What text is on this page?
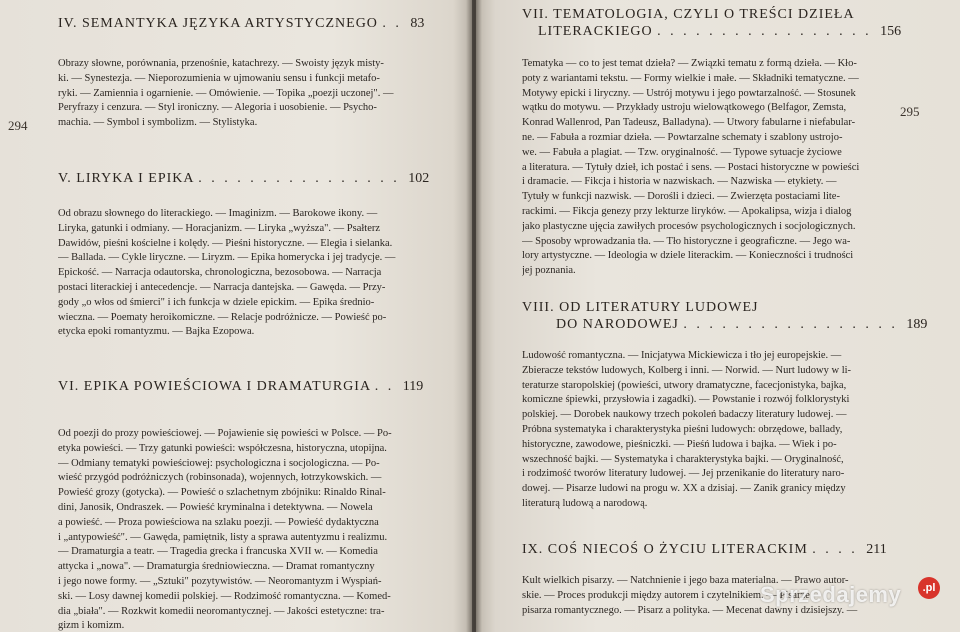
294
IV. SEMANTYKA JĘZYKA ARTYSTYCZNEGO . . 83
Obrazy słowne, porównania, przenośnie, katachrezy. — Swoisty język misty-
ki. — Synestezja. — Nieporozumienia w ujmowaniu sensu i funkcji metafo-
ryki. — Zamiennia i ogarnienie. — Omówienie. — Topika „poezji uczonej". —
Peryfrazy i cenzura. — Styl ironiczny. — Alegoria i uosobienie. — Psycho-
machia. — Symbol i symbolizm. — Stylistyka.
V. LIRYKA I EPIKA . . . . . . . . . . . . . . . . 102
Od obrazu słownego do literackiego. — Imaginizm. — Barokowe ikony. —
Liryka, gatunki i odmiany. — Horacjanizm. — Liryka „wyższa". — Psałterz
Dawidów, pieśni kościelne i kolędy. — Pieśni historyczne. — Elegia i sielanka.
— Ballada. — Cykle liryczne. — Liryzm. — Epika homerycka i jej tradycje. —
Epickość. — Narracja odautorska, chronologiczna, bezosobowa. — Narracja
postaci literackiej i antecedencje. — Narracja dantejska. — Gawęda. — Przy-
gody „o włos od śmierci" i ich funkcja w dziele epickim. — Epika średnio-
wieczna. — Poematy heroikomiczne. — Relacje podróżnicze. — Powieść po-
etycka epoki romantyzmu. — Bajka Ezopowa.
VI. EPIKA POWIEŚCIOWA I DRAMATURGIA . . 119
Od poezji do prozy powieściowej. — Pojawienie się powieści w Polsce. — Po-
etyka powieści. — Trzy gatunki powieści: współczesna, historyczna, utopijna.
— Odmiany tematyki powieściowej: psychologiczna i socjologiczna. — Po-
wieść przygód podróżniczych (robinsonada), wojennych, łotrzykowskich. —
Powieść grozy (gotycka). — Powieść o szlachetnym zbójniku: Rinaldo Rinal-
dini, Janosik, Ondraszek. — Powieść kryminalna i detektywna. — Nowela
a powieść. — Proza powieściowa na szlaku poezji. — Powieść dydaktyczna
i „antypowieść". — Gawęda, pamiętnik, listy a sprawa autentyzmu i realizmu.
— Dramaturgia a teatr. — Tragedia grecka i francuska XVII w. — Komedia
attycka i „nowa". — Dramaturgia średniowieczna. — Dramat romantyczny
i jego nowe formy. — „Sztuki" pozytywistów. — Neoromantyzm i Wyspiań-
ski. — Losy dawnej komedii polskiej. — Rodzimość romantyczna. — Komed-
dia „biała". — Rozkwit komedii neoromantycznej. — Jakości estetyczne: tra-
gizm i komizm.
295
VII. TEMATOLOGIA, CZYLI O TREŚCI DZIEŁA
LITERACKIEGO . . . . . . . . . . . . . . . . . 156
Tematyka — co to jest temat dzieła? — Związki tematu z formą dzieła. — Kło-
poty z wariantami tekstu. — Formy wielkie i małe. — Składniki tematyczne. —
Motywy epicki i liryczny. — Ustrój motywu i jego powtarzalność. — Stosunek
wątku do motywu. — Przykłady ustroju wielowątkowego (Belfagor, Zemsta,
Konrad Wallenrod, Pan Tadeusz, Balladyna). — Utwory fabularne i niefabular-
ne. — Fabuła a rozmiar dzieła. — Powtarzalne schematy i szablony ustrojo-
we. — Fabuła a plagiat. — Tzw. oryginalność. — Typowe sytuacje życiowe
a literatura. — Tytuły dzieł, ich postać i sens. — Postaci historyczne w powieści
i dramacie. — Fikcja i historia w nazwiskach. — Nazwiska — etykiety. —
Tytuły w funkcji nazwisk. — Dorośli i dzieci. — Zwierzęta postaciami lite-
rackimi. — Fikcja genezy przy lekturze liryków. — Apokalipsa, wizja i dialog
jako plastyczne ujęcia zawiłych procesów psychologicznych i socjologicznych.
— Sposoby wprowadzania tła. — Tło historyczne i geograficzne. — Jego wa-
lory artystyczne. — Ideologia w dziele literackim. — Konieczności i trudności
jej poznania.
VIII. OD LITERATURY LUDOWEJ
DO NARODOWEJ . . . . . . . . . . . . . . . . . 189
Ludowość romantyczna. — Inicjatywa Mickiewicza i tło jej europejskie. —
Zbieracze tekstów ludowych, Kolberg i inni. — Norwid. — Nurt ludowy w li-
teraturze staropolskiej (powieści, utwory dramatyczne, facecjonistyka, bajka,
komiczne śpiewki, przysłowia i zagadki). — Powstanie i rozwój folklorystyki
polskiej. — Dorobek naukowy trzech pokoleń badaczy literatury ludowej. —
Próbna systematyka i charakterystyka pieśni ludowych: obrzędowe, ballady,
historyczne, zawodowe, pieśniczki. — Pieśń ludowa i bajka. — Wiek i po-
wszechność bajki. — Systematyka i charakterystyka bajki. — Oryginalność,
i rodzimość tworów literatury ludowej. — Jej przenikanie do literatury naro-
dowej. — Pisarze ludowi na progu w. XX a dzisiaj. — Zanik granicy między
literaturą ludową a narodową.
IX. COŚ NIECOŚ O ŻYCIU LITERACKIM . . . . 211
Kult wielkich pisarzy. — Natchnienie i jego baza materialna. — Prawo autor-
skie. — Proces produkcji między autorem i czytelnikiem. — Pisarze
pisarza romantycznego. — Pisarz a polityka. — Mecenat dawny i dzisiejszy. —
Sprzedajemy	.pl
